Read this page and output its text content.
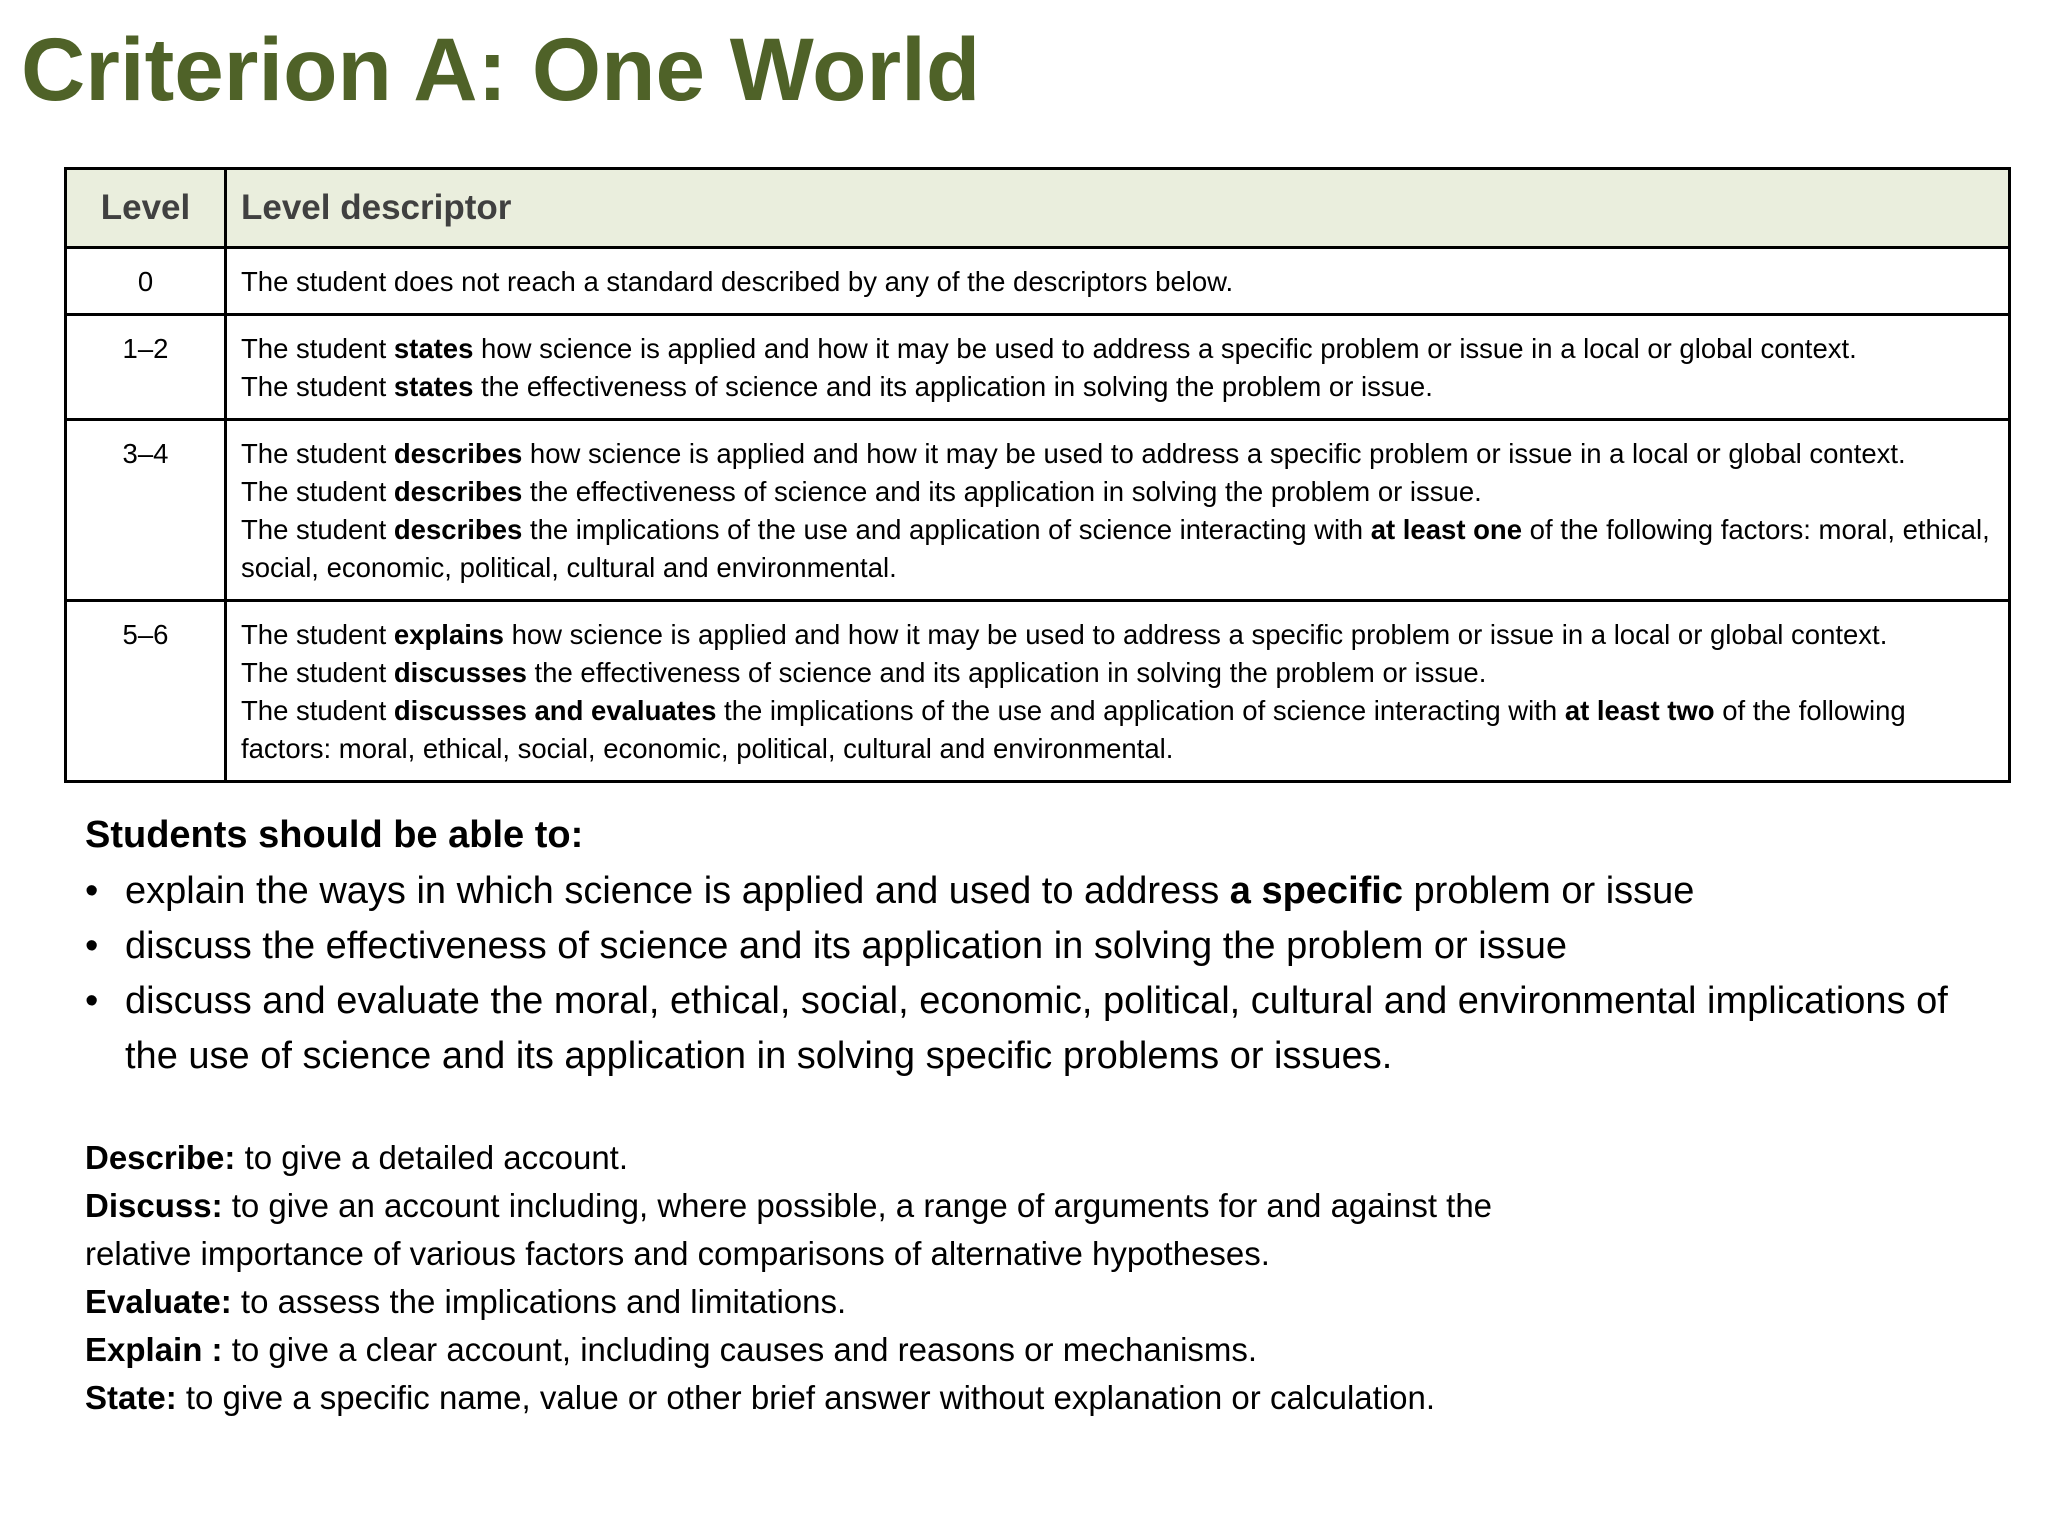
Criterion A: One World
Level	Level descriptor
0	The student does not reach a standard described by any of the descriptors below.

1–2	The student states how science is applied and how it may be used to address a specific problem or issue in a local or global context.
The student states the effectiveness of science and its application in solving the problem or issue.

3–4	The student describes how science is applied and how it may be used to address a specific problem or issue in a local or global context.
The student describes the effectiveness of science and its application in solving the problem or issue.
The student describes the implications of the use and application of science interacting with at least one of the following factors: moral, ethical, social, economic, political, cultural and environmental.

5–6	The student explains how science is applied and how it may be used to address a specific problem or issue in a local or global context.
The student discusses the effectiveness of science and its application in solving the problem or issue.
The student discusses and evaluates the implications of the use and application of science interacting with at least two of the following factors: moral, ethical, social, economic, political, cultural and environmental.
Students should be able to:
• explain the ways in which science is applied and used to address a specific problem or issue
• discuss the effectiveness of science and its application in solving the problem or issue
• discuss and evaluate the moral, ethical, social, economic, political, cultural and environmental implications of the use of science and its application in solving specific problems or issues.
Describe: to give a detailed account.
Discuss: to give an account including, where possible, a range of arguments for and against the
relative importance of various factors and comparisons of alternative hypotheses.
Evaluate: to assess the implications and limitations.
Explain : to give a clear account, including causes and reasons or mechanisms.
State: to give a specific name, value or other brief answer without explanation or calculation.
